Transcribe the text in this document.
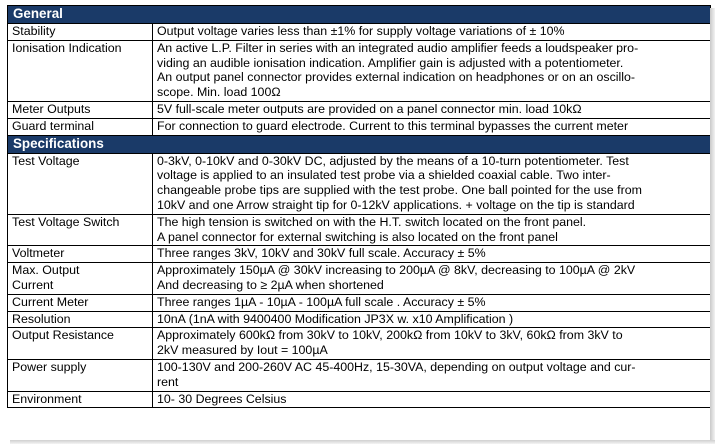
General	
Stability	Output voltage varies less than ±1% for supply voltage variations of ± 10%
Ionisation Indication	An active L.P. Filter in series with an integrated audio amplifier feeds a loudspeaker pro-
viding an audible ionisation indication. Amplifier gain is adjusted with a potentiometer.
An output panel connector provides external indication on headphones or on an oscillo-
scope. Min. load 100Ω
Meter Outputs	5V full-scale meter outputs are provided on a panel connector min. load 10kΩ
Guard terminal	For connection to guard electrode. Current to this terminal bypasses the current meter
Specifications	
Test Voltage	0-3kV, 0-10kV and 0-30kV DC, adjusted by the means of a 10-turn potentiometer. Test
voltage is applied to an insulated test probe via a shielded coaxial cable. Two inter-
changeable probe tips are supplied with the test probe. One ball pointed for the use from
10kV and one Arrow straight tip for 0-12kV applications. + voltage on the tip is standard
Test Voltage Switch	The high tension is switched on with the H.T. switch located on the front panel.
A panel connector for external switching is also located on the front panel
Voltmeter	Three ranges 3kV, 10kV and 30kV full scale. Accuracy ± 5%
Max. Output
Current	Approximately 150µA @ 30kV increasing to 200µA @ 8kV, decreasing to 100µA @ 2kV
And decreasing to ≥ 2µA when shortened
Current Meter	Three ranges 1µA - 10µA - 100µA full scale . Accuracy ± 5%
Resolution	10nA (1nA with 9400400 Modification JP3X w. x10 Amplification )
Output Resistance	Approximately 600kΩ from 30kV to 10kV, 200kΩ from 10kV to 3kV, 60kΩ from 3kV to
2kV measured by Iout = 100µA
Power supply	100-130V and 200-260V AC 45-400Hz, 15-30VA, depending on output voltage and cur-
rent
Environment	10- 30 Degrees Celsius
